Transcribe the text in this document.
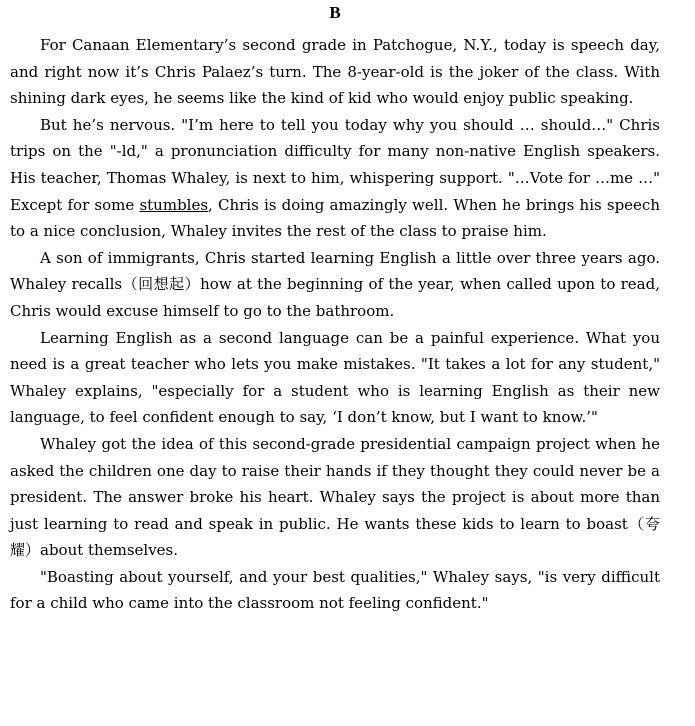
B

For Canaan Elementary’s second grade in Patchogue, N.Y., today is speech day, and right now it’s Chris Palaez’s turn. The 8-year-old is the joker of the class. With shining dark eyes, he seems like the kind of kid who would enjoy public speaking.

But he’s nervous. "I’m here to tell you today why you should … should…" Chris trips on the "-ld," a pronunciation difficulty for many non-native English speakers. His teacher, Thomas Whaley, is next to him, whispering support. "…Vote for …me …" Except for some stumbles, Chris is doing amazingly well. When he brings his speech to a nice conclusion, Whaley invites the rest of the class to praise him.

A son of immigrants, Chris started learning English a little over three years ago. Whaley recalls（回想起）how at the beginning of the year, when called upon to read, Chris would excuse himself to go to the bathroom.

Learning English as a second language can be a painful experience. What you need is a great teacher who lets you make mistakes. "It takes a lot for any student," Whaley explains, "especially for a student who is learning English as their new language, to feel confident enough to say, ‘I don’t know, but I want to know.’"

Whaley got the idea of this second-grade presidential campaign project when he asked the children one day to raise their hands if they thought they could never be a president. The answer broke his heart. Whaley says the project is about more than just learning to read and speak in public. He wants these kids to learn to boast（夸耀）about themselves.

"Boasting about yourself, and your best qualities," Whaley says, "is very difficult for a child who came into the classroom not feeling confident."
